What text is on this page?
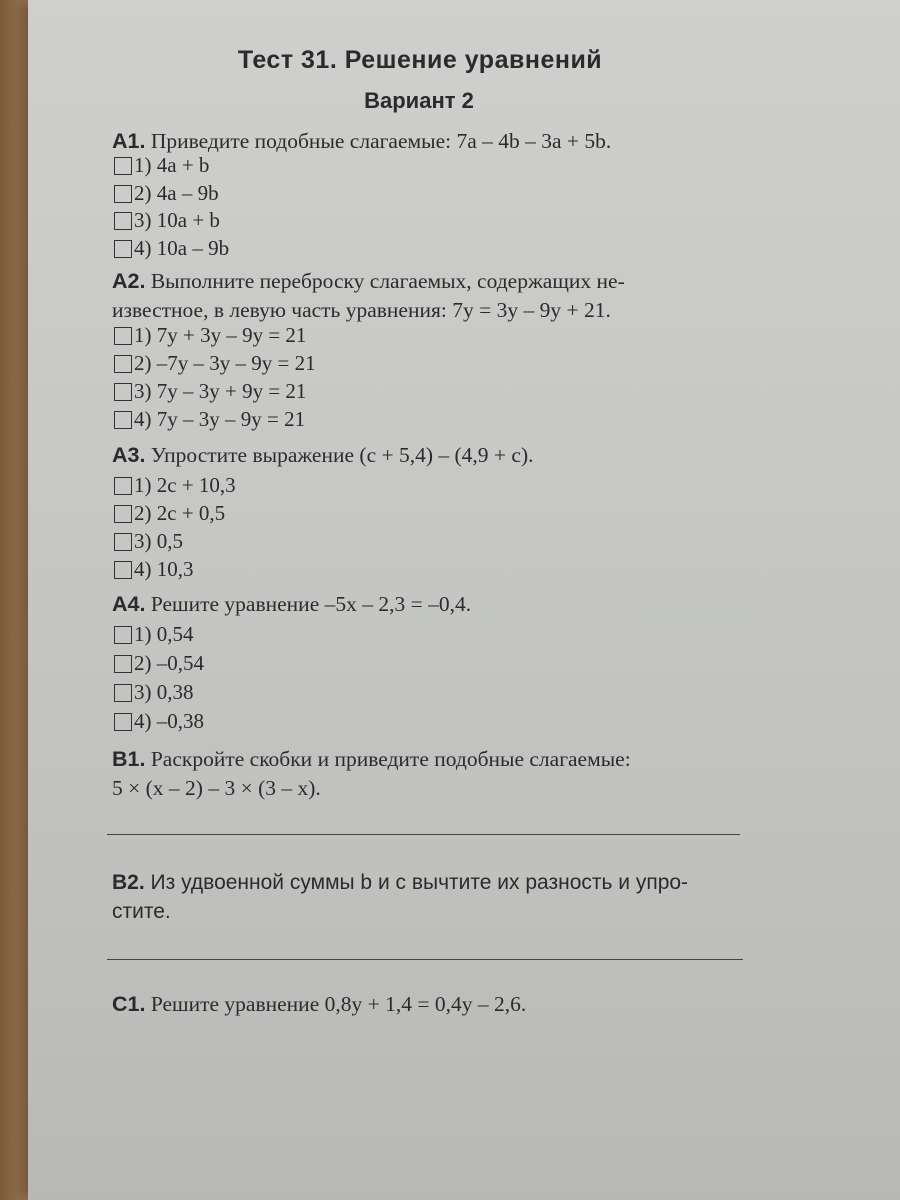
Тест 31. Решение уравнений
Вариант 2
A1. Приведите подобные слагаемые: 7a – 4b – 3a + 5b.
1) 4a + b
2) 4a – 9b
3) 10a + b
4) 10a – 9b
A2. Выполните переброску слагаемых, содержащих не-
известное, в левую часть уравнения: 7y = 3y – 9y + 21.
1) 7y + 3y – 9y = 21
2) –7y – 3y – 9y = 21
3) 7y – 3y + 9y = 21
4) 7y – 3y – 9y = 21
A3. Упростите выражение (c + 5,4) – (4,9 + c).
1) 2c + 10,3
2) 2c + 0,5
3) 0,5
4) 10,3
A4. Решите уравнение –5x – 2,3 = –0,4.
1) 0,54
2) –0,54
3) 0,38
4) –0,38
B1. Раскройте скобки и приведите подобные слагаемые:
5 × (x – 2) – 3 × (3 – x).
B2. Из удвоенной суммы b и c вычтите их разность и упро-
стите.
C1. Решите уравнение 0,8y + 1,4 = 0,4y – 2,6.
